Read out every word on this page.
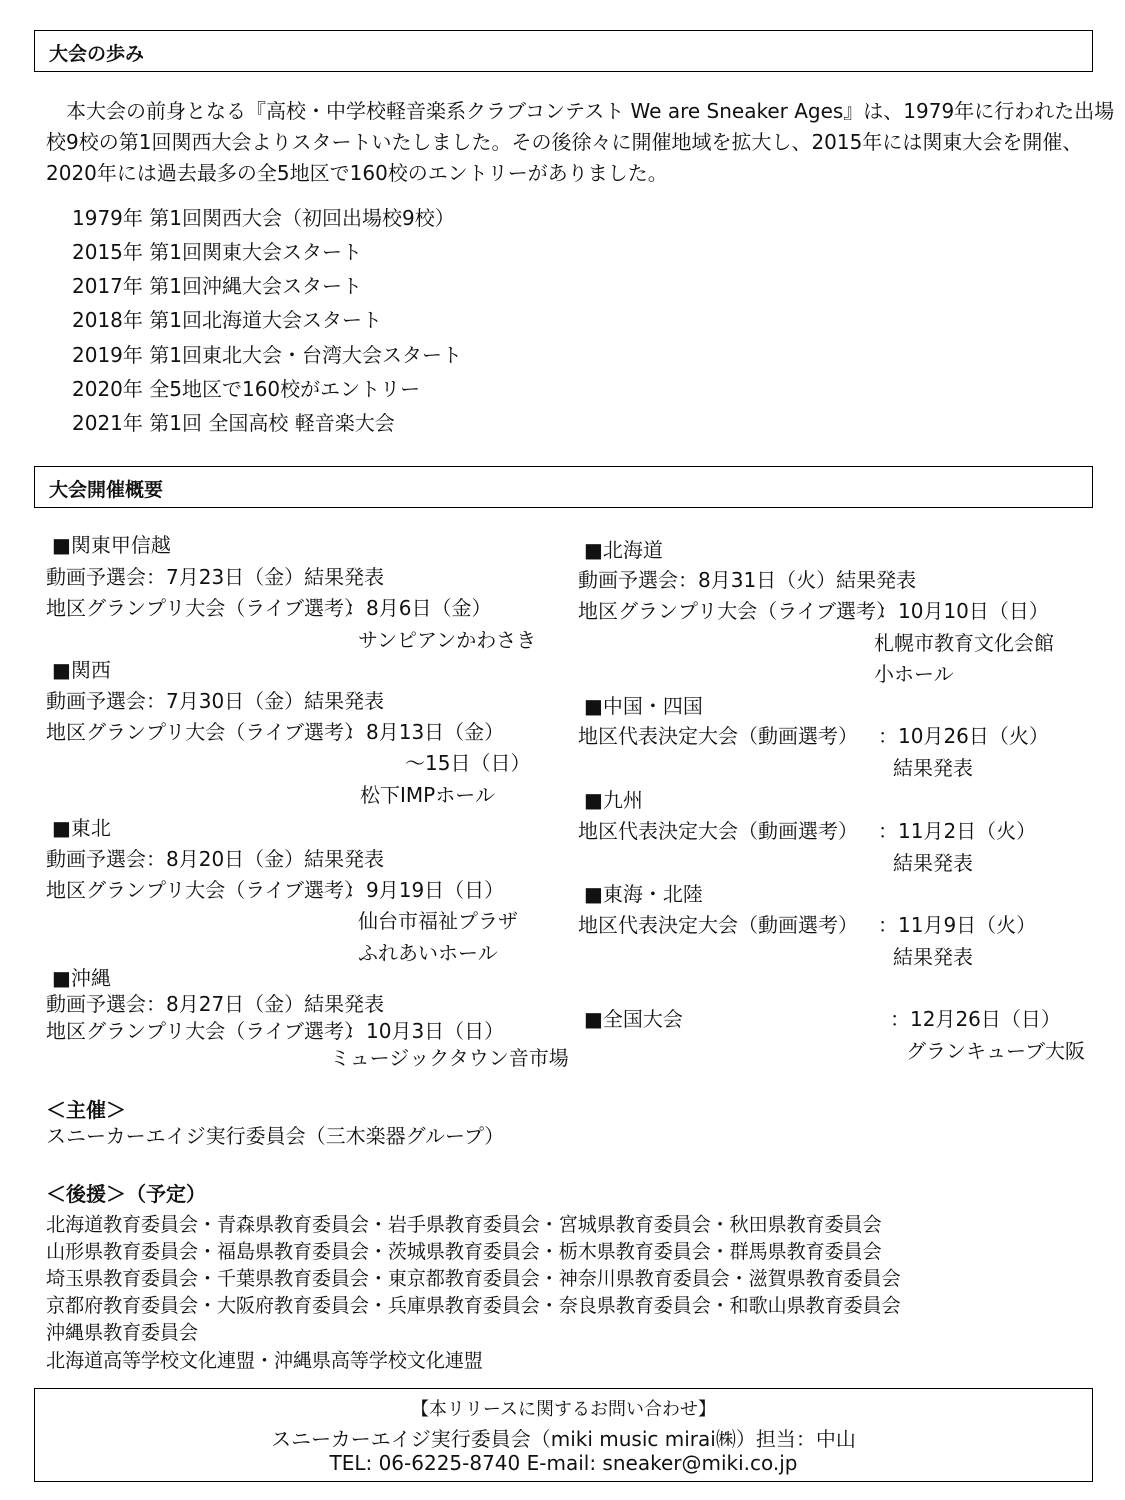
大会の歩み
　本大会の前身となる『高校・中学校軽音楽系クラブコンテスト We are Sneaker Ages』は、1979年に行われた出場
校9校の第1回関西大会よりスタートいたしました。その後徐々に開催地域を拡大し、2015年には関東大会を開催、
2020年には過去最多の全5地区で160校のエントリーがありました。
1979年 第1回関西大会（初回出場校9校）
2015年 第1回関東大会スタート
2017年 第1回沖縄大会スタート
2018年 第1回北海道大会スタート
2019年 第1回東北大会・台湾大会スタート
2020年 全5地区で160校がエントリー
2021年 第1回 全国高校 軽音楽大会
大会開催概要
■関東甲信越
動画予選会：7月23日（金）結果発表
地区グランプリ大会（ライブ選考）
：8月6日（金）
サンピアンかわさき
■関西
動画予選会：7月30日（金）結果発表
地区グランプリ大会（ライブ選考）
：8月13日（金）
～15日（日）
松下IMPホール
■東北
動画予選会：8月20日（金）結果発表
地区グランプリ大会（ライブ選考）
：9月19日（日）
仙台市福祉プラザ
ふれあいホール
■沖縄
動画予選会：8月27日（金）結果発表
地区グランプリ大会（ライブ選考）
：10月3日（日）
ミュージックタウン音市場
■北海道
動画予選会：8月31日（火）結果発表
地区グランプリ大会（ライブ選考）
：10月10日（日）
札幌市教育文化会館
小ホール
■中国・四国
地区代表決定大会（動画選考） ：10月26日（火）
結果発表
■九州
地区代表決定大会（動画選考） ：11月2日（火）
結果発表
■東海・北陸
地区代表決定大会（動画選考） ：11月9日（火）
結果発表
■全国大会	：12月26日（日）
グランキューブ大阪
＜主催＞
スニーカーエイジ実行委員会（三木楽器グループ）
＜後援＞（予定）
北海道教育委員会・青森県教育委員会・岩手県教育委員会・宮城県教育委員会・秋田県教育委員会
山形県教育委員会・福島県教育委員会・茨城県教育委員会・栃木県教育委員会・群馬県教育委員会
埼玉県教育委員会・千葉県教育委員会・東京都教育委員会・神奈川県教育委員会・滋賀県教育委員会
京都府教育委員会・大阪府教育委員会・兵庫県教育委員会・奈良県教育委員会・和歌山県教育委員会
沖縄県教育委員会
北海道高等学校文化連盟・沖縄県高等学校文化連盟
【本リリースに関するお問い合わせ】
スニーカーエイジ実行委員会（miki music mirai㈱）担当：中山
TEL: 06-6225-8740 E-mail: sneaker@miki.co.jp
